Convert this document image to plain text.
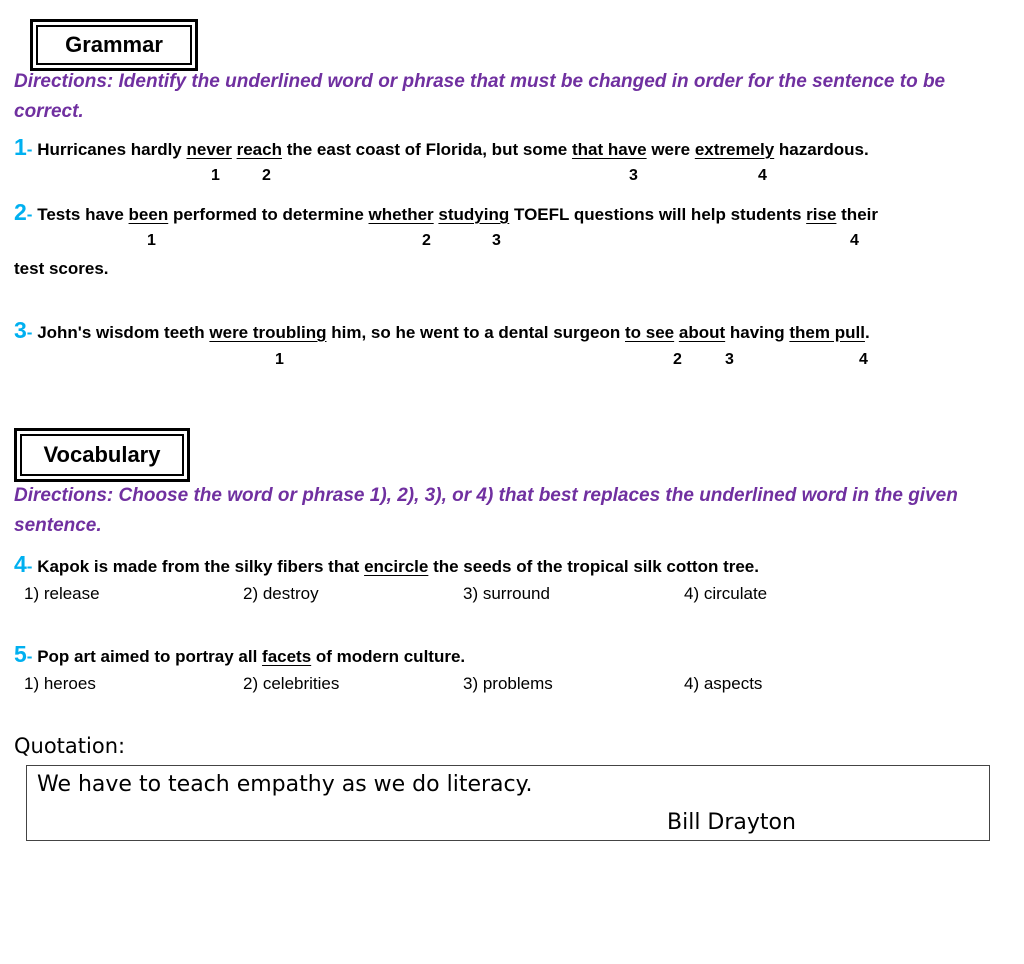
Grammar
Directions: Identify the underlined word or phrase that must be changed in order for the sentence to be correct.
1- Hurricanes hardly never reach the east coast of Florida, but some that have were extremely hazardous.
1	2	3	4
2- Tests have been performed to determine whether studying TOEFL questions will help students rise their
1	2	3	4
test scores.
3- John's wisdom teeth were troubling him, so he went to a dental surgeon to see about having them pull.
1	2	3	4
Vocabulary
Directions: Choose the word or phrase 1), 2), 3), or 4) that best replaces the underlined word in the given sentence.
4- Kapok is made from the silky fibers that encircle the seeds of the tropical silk cotton tree.
1) release	2) destroy	3) surround	4) circulate
5- Pop art aimed to portray all facets of modern culture.
1) heroes	2) celebrities	3) problems	4) aspects
Quotation:
We have to teach empathy as we do literacy.
Bill Drayton
